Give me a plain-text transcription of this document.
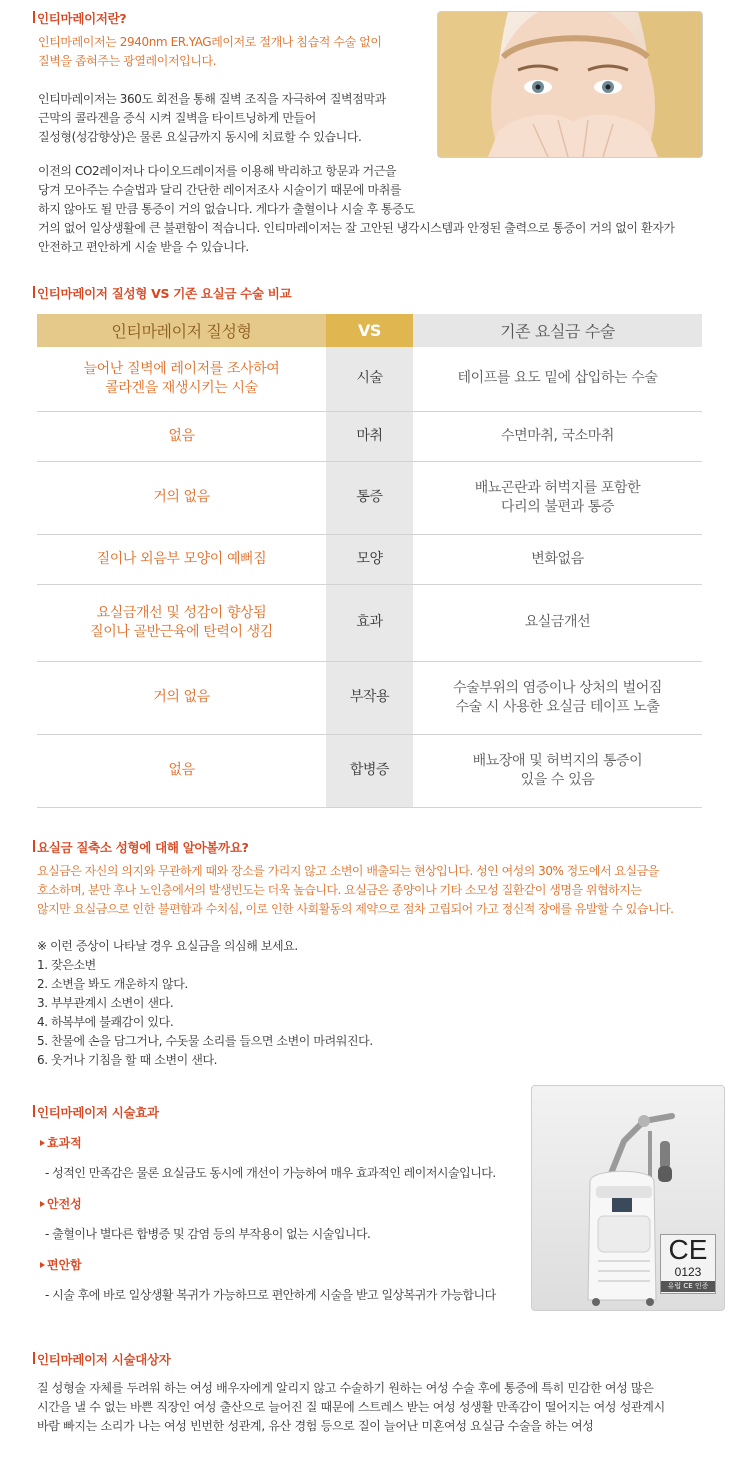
인티마레이저란?

인티마레이저는 2940nm ER.YAG레이저로 절개나 침습적 수술 없이
질벽을 좁혀주는 광열레이저입니다.

인티마레이저는 360도 회전을 통해 질벽 조직을 자극하여 질벽점막과
근막의 콜라겐을 증식 시켜 질벽을 타이트닝하게 만들어
질성형(성감향상)은 물론 요실금까지 동시에 치료할 수 있습니다.

이전의 CO2레이저나 다이오드레이저를 이용해 박리하고 항문과 거근을
당겨 모아주는 수술법과 달리 간단한 레이저조사 시술이기 때문에 마취를
하지 않아도 될 만큼 통증이 거의 없습니다. 게다가 출혈이나 시술 후 통증도
거의 없어 일상생활에 큰 불편함이 적습니다. 인티마레이저는 잘 고안된 냉각시스템과 안정된 출력으로 통증이 거의 없이 환자가
안전하고 편안하게 시술 받을 수 있습니다.

인티마레이저 질성형 VS 기존 요실금 수술 비교
인티마레이저 질성형	VS	기존 요실금 수술
늘어난 질벽에 레이저를 조사하여
콜라겐을 재생시키는 시술	시술	테이프를 요도 밑에 삽입하는 수술
없음	마취	수면마취, 국소마취
거의 없음	통증	배뇨곤란과 허벅지를 포함한
다리의 불편과 통증
질이나 외음부 모양이 예뻐짐	모양	변화없음
요실금개선 및 성감이 향상됨
질이나 골반근육에 탄력이 생김	효과	요실금개선
거의 없음	부작용	수술부위의 염증이나 상처의 벌어짐
수술 시 사용한 요실금 테이프 노출
없음	합병증	배뇨장애 및 허벅지의 통증이
있을 수 있음
요실금 질축소 성형에 대해 알아볼까요?

요실금은 자신의 의지와 무관하게 때와 장소를 가리지 않고 소변이 배출되는 현상입니다. 성인 여성의 30% 정도에서 요실금을
호소하며, 분만 후나 노인층에서의 발생빈도는 더욱 높습니다. 요실금은 종양이나 기타 소모성 질환같이 생명을 위협하지는
않지만 요실금으로 인한 불편함과 수치심, 이로 인한 사회활동의 제약으로 점차 고립되어 가고 정신적 장애를 유발할 수 있습니다.

※ 이런 증상이 나타날 경우 요실금을 의심해 보세요.
1. 잦은소변
2. 소변을 봐도 개운하지 않다.
3. 부부관계시 소변이 샌다.
4. 하복부에 불쾌감이 있다.
5. 찬물에 손을 담그거나, 수돗물 소리를 들으면 소변이 마려워진다.
6. 웃거나 기침을 할 때 소변이 샌다.

인티마레이저 시술효과
효과적
- 성적인 만족감은 물론 요실금도 동시에 개선이 가능하여 매우 효과적인 레이저시술입니다.
안전성
- 출혈이나 별다른 합병증 및 감염 등의 부작용이 없는 시술입니다.
편안함
- 시술 후에 바로 일상생활 복귀가 가능하므로 편안하게 시술을 받고 일상복귀가 가능합니다
CE
0123
유럽 CE 인증
인티마레이저 시술대상자

질 성형술 자체를 두려워 하는 여성 배우자에게 알리지 않고 수술하기 원하는 여성 수술 후에 통증에 특히 민감한 여성 많은
시간을 낼 수 없는 바쁜 직장인 여성 출산으로 늘어진 질 때문에 스트레스 받는 여성 성생활 만족감이 떨어지는 여성 성관계시
바람 빠지는 소리가 나는 여성 빈번한 성관계, 유산 경험 등으로 질이 늘어난 미혼여성 요실금 수술을 하는 여성
